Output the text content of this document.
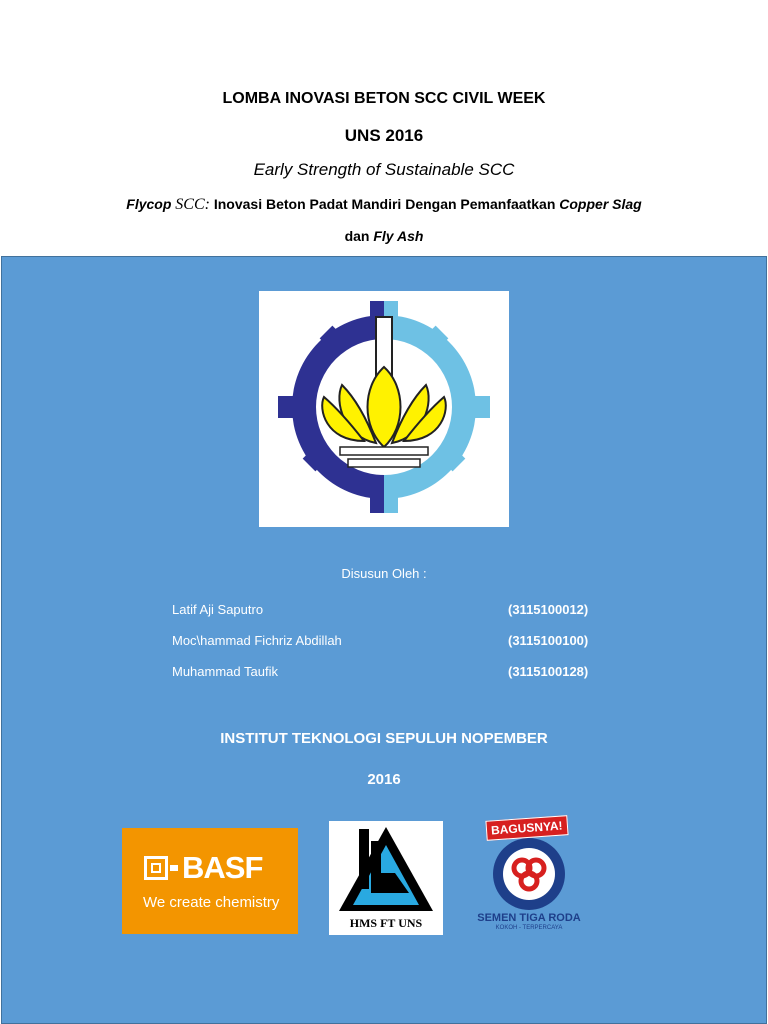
LOMBA INOVASI BETON SCC CIVIL WEEK
UNS 2016
Early Strength of Sustainable SCC
Flycop SCC: Inovasi Beton Padat Mandiri Dengan Pemanfaatkan Copper Slag
dan Fly Ash
Disusun Oleh :
Latif Aji Saputro	(3115100012)
Moc\hammad Fichriz Abdillah	(3115100100)
Muhammad Taufik	(3115100128)
INSTITUT TEKNOLOGI SEPULUH NOPEMBER
2016
BASF
We create chemistry
HMS FT UNS
BAGUSNYA!
SEMEN TIGA RODA
KOKOH - TERPERCAYA
